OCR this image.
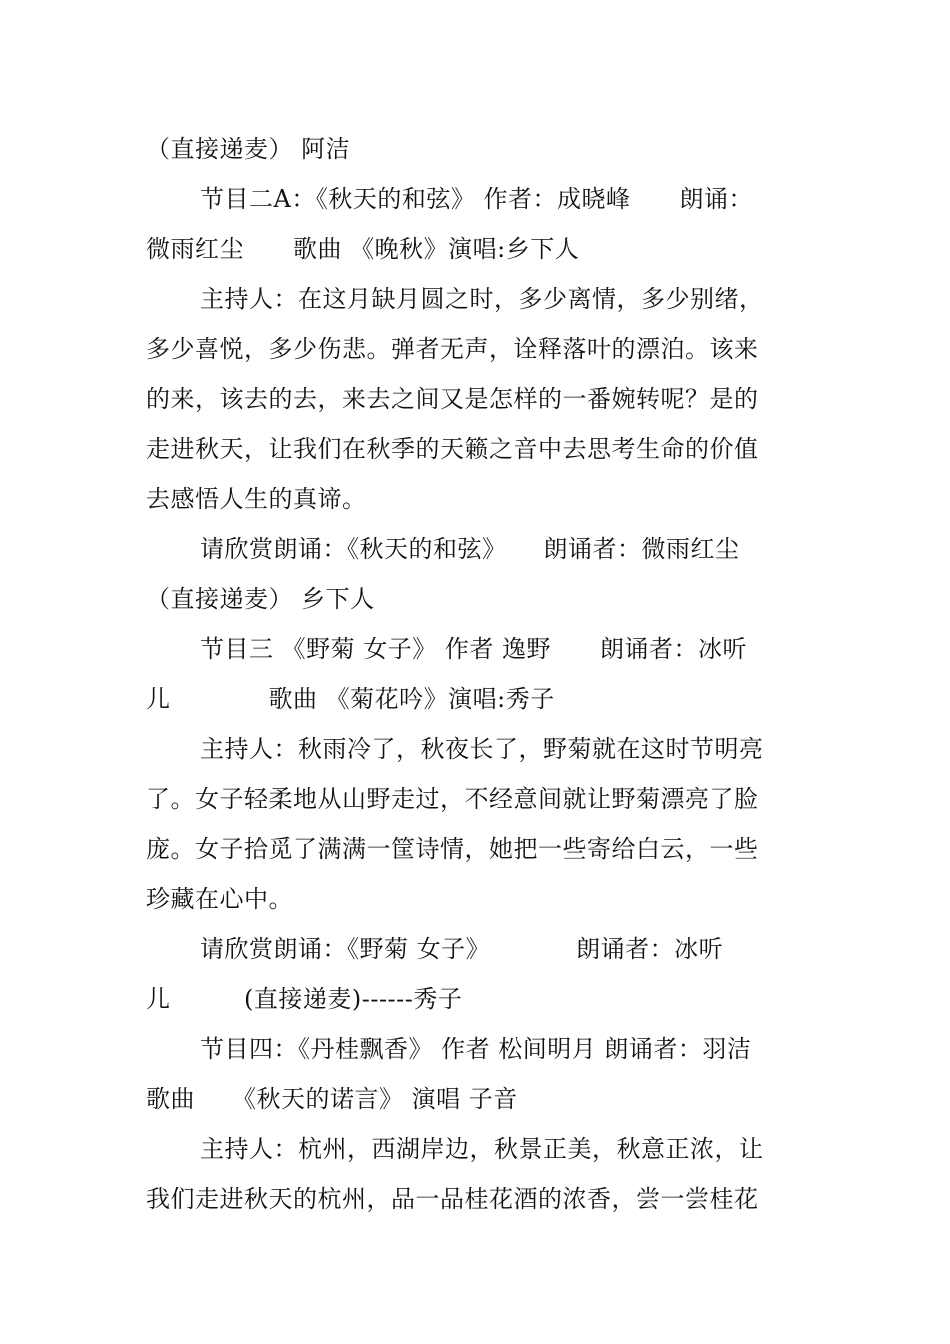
（直接递麦） 阿洁
节目二A：《秋天的和弦》 作者：成晓峰　　朗诵：
微雨红尘　　歌曲 《晚秋》演唱:乡下人
主持人：在这月缺月圆之时，多少离情，多少别绪，
多少喜悦，多少伤悲。弹者无声，诠释落叶的漂泊。该来
的来，该去的去，来去之间又是怎样的一番婉转呢？是的
走进秋天，让我们在秋季的天籁之音中去思考生命的价值
去感悟人生的真谛。
请欣赏朗诵：《秋天的和弦》　　朗诵者：微雨红尘
（直接递麦） 乡下人
节目三 《野菊 女子》 作者 逸野　　朗诵者：冰听
儿　　　　歌曲 《菊花吟》演唱:秀子
主持人：秋雨冷了，秋夜长了，野菊就在这时节明亮
了。女子轻柔地从山野走过，不经意间就让野菊漂亮了脸
庞。女子拾觅了满满一筐诗情，她把一些寄给白云，一些
珍藏在心中。
请欣赏朗诵：《野菊 女子》　　　　朗诵者：冰听
儿　　　(直接递麦)------秀子
节目四：《丹桂飘香》 作者 松间明月 朗诵者：羽洁
歌曲　　《秋天的诺言》 演唱 子音
主持人：杭州，西湖岸边，秋景正美，秋意正浓，让
我们走进秋天的杭州，品一品桂花酒的浓香，尝一尝桂花
